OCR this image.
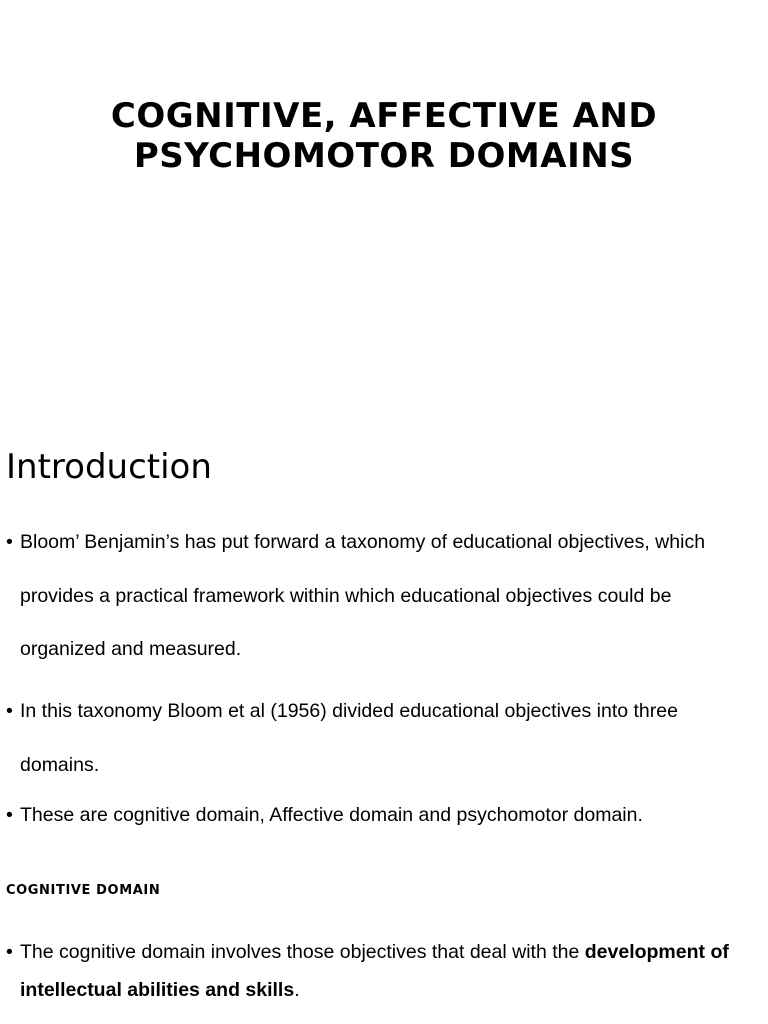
COGNITIVE, AFFECTIVE AND
PSYCHOMOTOR DOMAINS
Introduction
• Bloom’ Benjamin’s has put forward a taxonomy of educational objectives, which provides a practical framework within which educational objectives could be organized and measured.
• In this taxonomy Bloom et al (1956) divided educational objectives into three domains.
• These are cognitive domain, Affective domain and psychomotor domain.
COGNITIVE DOMAIN
• The cognitive domain involves those objectives that deal with the development of intellectual abilities and skills.
